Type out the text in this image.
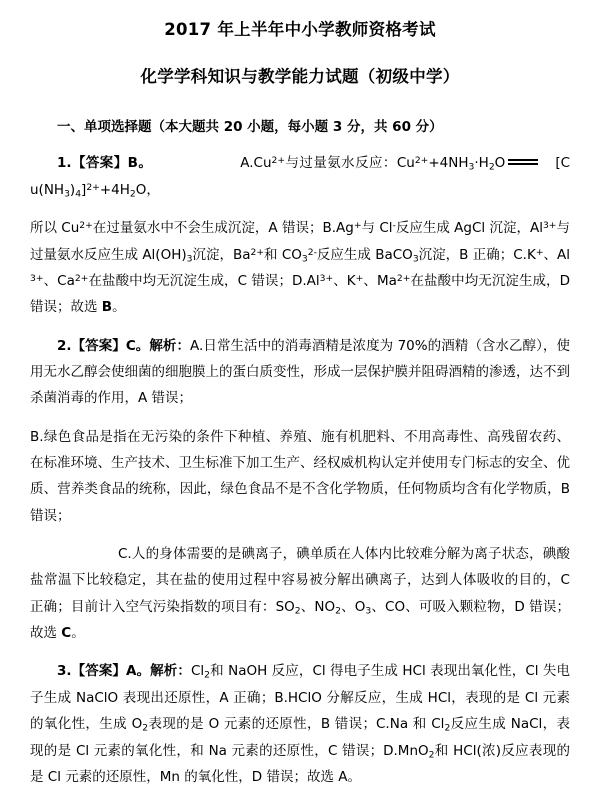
2017 年上半年中小学教师资格考试
化学学科知识与教学能力试题（初级中学）
一、单项选择题（本大题共 20 小题，每小题 3 分，共 60 分）
1.【答案】B。	$A.Cu^{2+}$与过量氨水反应：$Cu^{2+}+4NH_3\cdot H_2O$	$[Cu(NH_3)_4]^{2+}+4H_2O$，
所以 $Cu^{2+}$在过量氨水中不会生成沉淀，A 错误；B.Ag+与 Cl-反应生成 AgCl 沉淀，$Al^{3+}$与过量氨水反应生成 $Al(OH)_3$沉淀，$Ba^{2+}$和 $CO_3^{2-}$反应生成 BaCO$_3$沉淀，B 正确；C.K+、$Al^{3+}$、$Ca^{2+}$在盐酸中均无沉淀生成，C 错误；$D.Al^{3+}$、K+、$Ma^{2+}$在盐酸中均无沉淀生成，D 错误；故选 B。
2.【答案】C。解析：A.日常生活中的消毒酒精是浓度为 70%的酒精（含水乙醇），使用无水乙醇会使细菌的细胞膜上的蛋白质变性，形成一层保护膜并阻碍酒精的渗透，达不到杀菌消毒的作用，A 错误；
B.绿色食品是指在无污染的条件下种植、养殖、施有机肥料、不用高毒性、高残留农药、在标准环境、生产技术、卫生标准下加工生产、经权威机构认定并使用专门标志的安全、优质、营养类食品的统称，因此，绿色食品不是不含化学物质，任何物质均含有化学物质，B 错误；
C.人的身体需要的是碘离子，碘单质在人体内比较难分解为离子状态，碘酸盐常温下比较稳定，其在盐的使用过程中容易被分解出碘离子，达到人体吸收的目的，C 正确；目前计入空气污染指数的项目有：$SO_2$、$NO_2$、$O_3$、CO、可吸入颗粒物，D 错误；故选 C。
3.【答案】A。解析：$Cl_2$和 NaOH 反应，Cl 得电子生成 HCl 表现出氧化性，Cl 失电子生成 NaClO 表现出还原性，A 正确；B.HClO 分解反应，生成 HCl，表现的是 Cl 元素的氧化性，生成 $O_2$表现的是 O 元素的还原性，B 错误；C.Na 和 $Cl_2$反应生成 NaCl，表现的是 Cl 元素的氧化性，和 Na 元素的还原性，C 错误；D.MnO$_2$和 HCl(浓)反应表现的是 Cl 元素的还原性，Mn 的氧化性，D 错误；故选 A。
